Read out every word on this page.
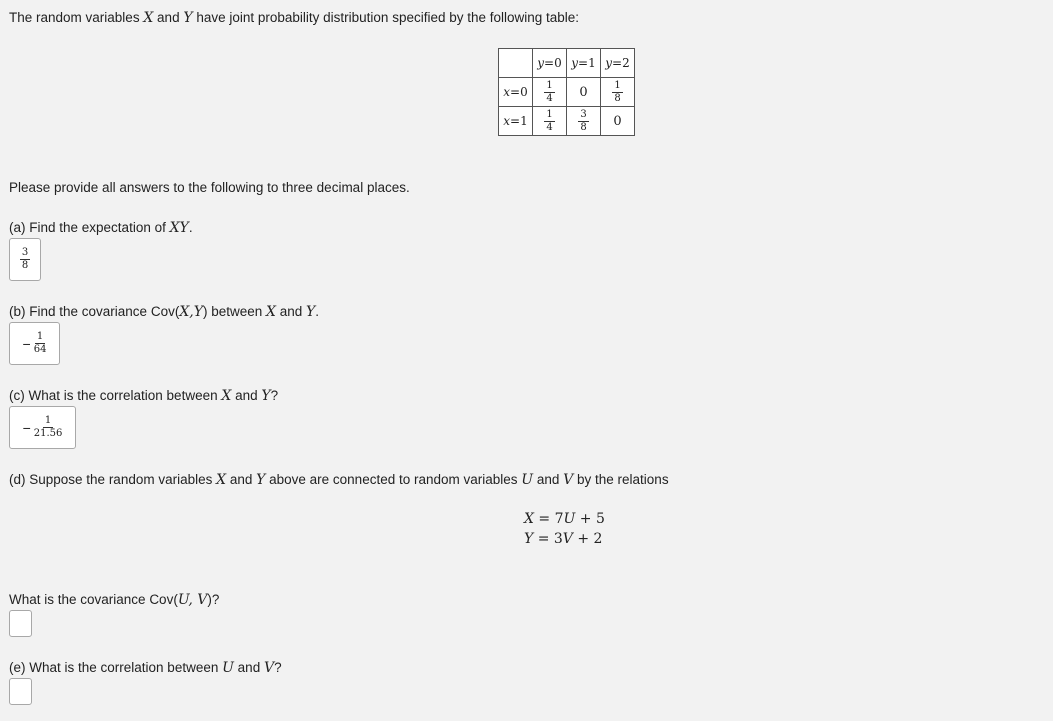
The random variables X and Y have joint probability distribution specified by the following table:
	y=0	y=1	y=2
x=0	$\frac{1}{4}$	0	$\frac{1}{8}$

x=1	$\frac{1}{4}$	$\frac{3}{8}$	0
Please provide all answers to the following to three decimal places.
(a) Find the expectation of XY.
$\frac{3}{8}$
(b) Find the covariance Cov(X,Y) between X and Y.
− $\frac{1}{64}$
(c) What is the correlation between X and Y?
− $\frac{1}{21.56}$
(d) Suppose the random variables X and Y above are connected to random variables U and V by the relations
X = 7U + 5
Y = 3V + 2
What is the covariance Cov(U, V)?
(e) What is the correlation between U and V?
